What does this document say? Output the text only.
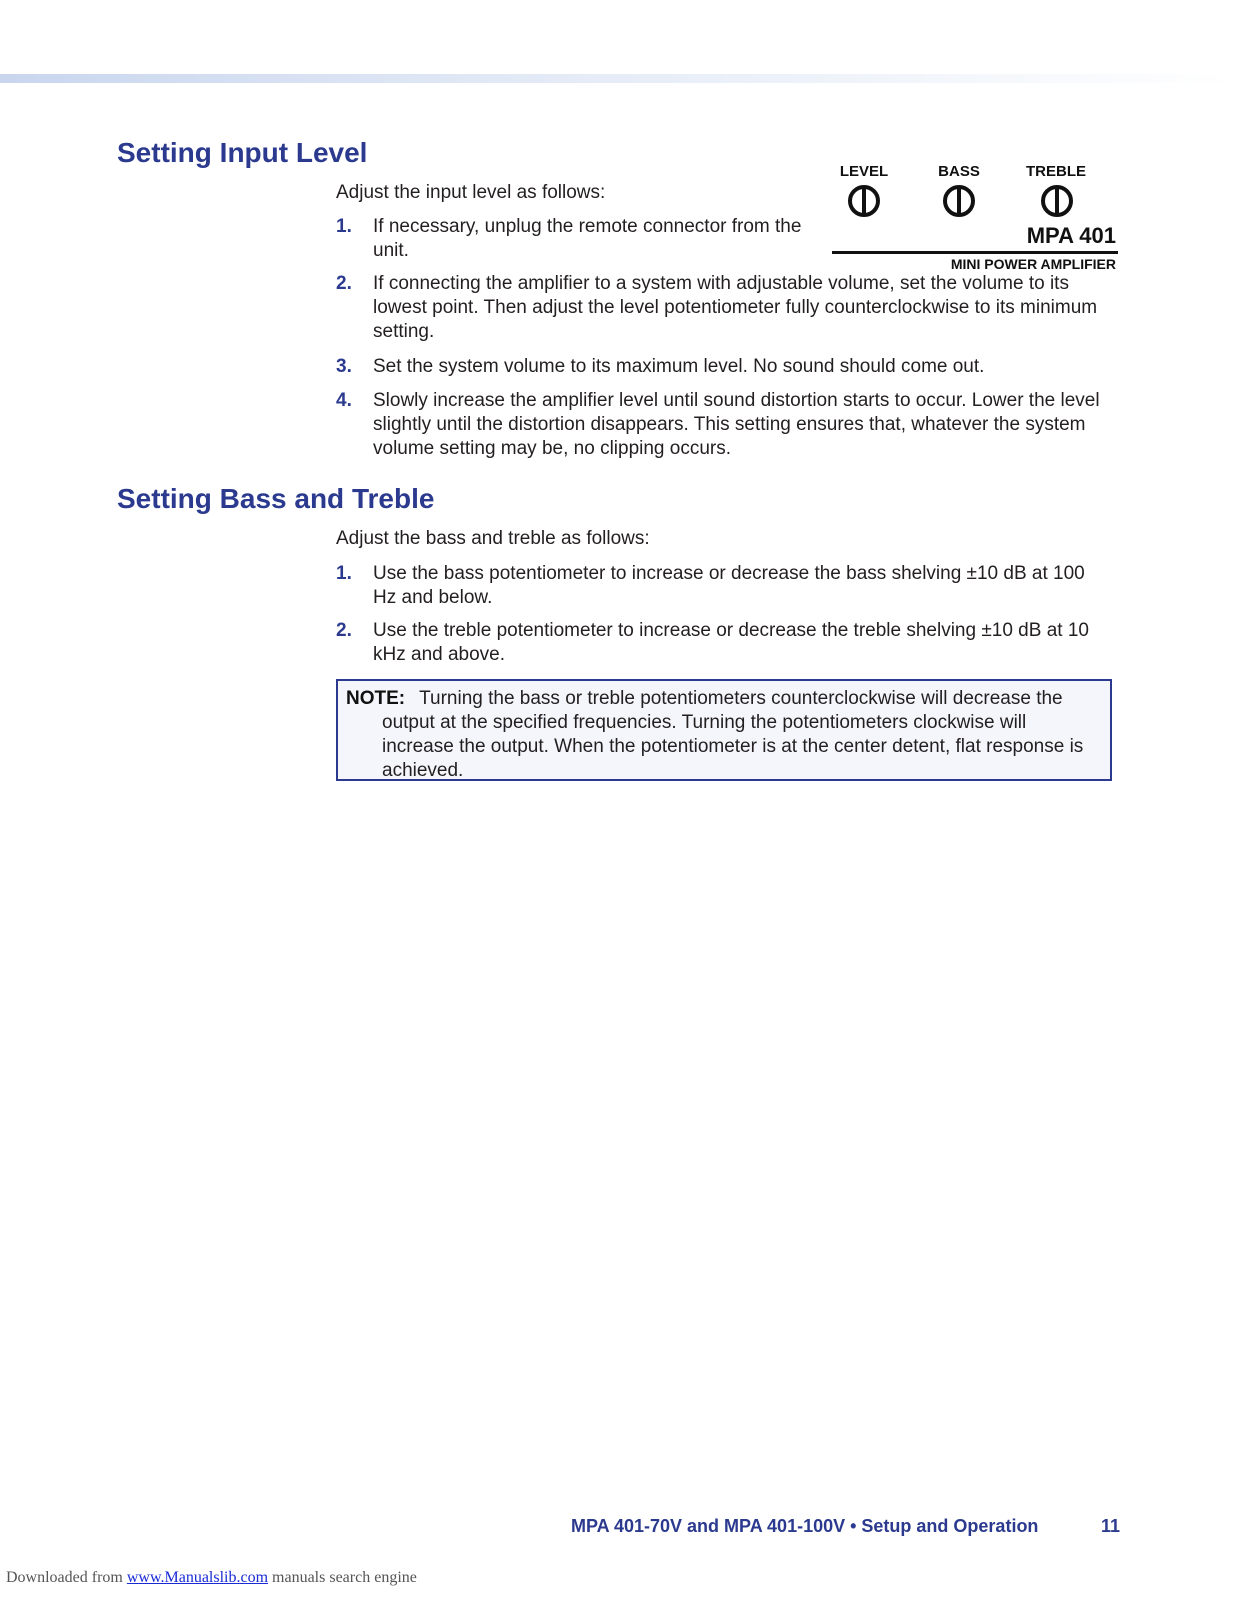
Setting Input Level

Adjust the input level as follows:

1. If necessary, unplug the remote connector from the unit.
2. If connecting the amplifier to a system with adjustable volume, set the volume to its lowest point. Then adjust the level potentiometer fully counterclockwise to its minimum setting.
3. Set the system volume to its maximum level. No sound should come out.
4. Slowly increase the amplifier level until sound distortion starts to occur. Lower the level slightly until the distortion disappears. This setting ensures that, whatever the system volume setting may be, no clipping occurs.
LEVEL	BASS	TREBLE
MPA 401
MINI POWER AMPLIFIER
Setting Bass and Treble

Adjust the bass and treble as follows:

1. Use the bass potentiometer to increase or decrease the bass shelving ±10 dB at 100 Hz and below.
2. Use the treble potentiometer to increase or decrease the treble shelving ±10 dB at 10 kHz and above.

NOTE: Turning the bass or treble potentiometers counterclockwise will decrease the output at the specified frequencies. Turning the potentiometers clockwise will increase the output. When the potentiometer is at the center detent, flat response is achieved.

MPA 401-70V and MPA 401-100V • Setup and Operation	11
Downloaded from www.Manualslib.com manuals search engine
